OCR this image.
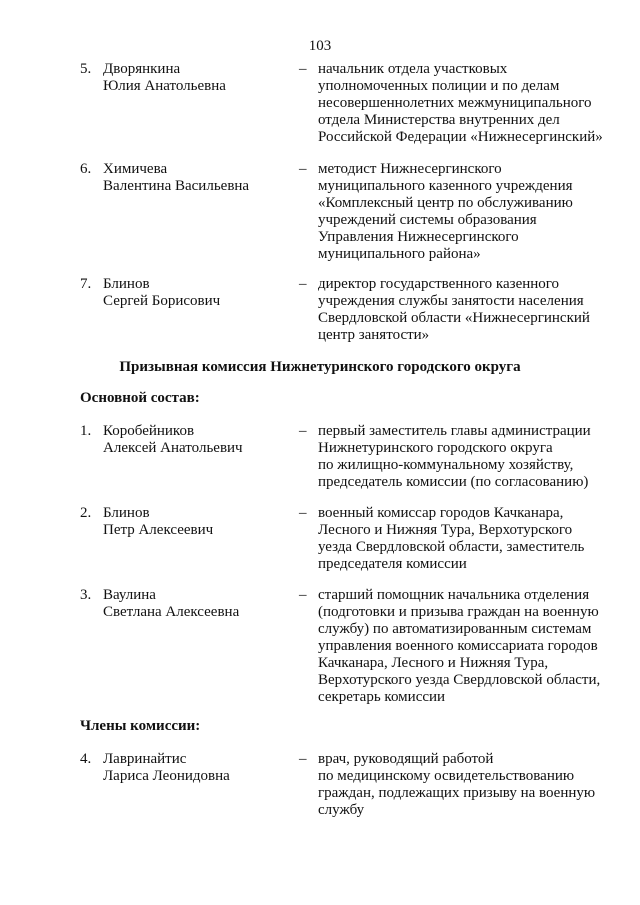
103
5. Дворянкина
Юлия Анатольевна
– начальник отдела участковых
уполномоченных полиции и по делам
несовершеннолетних межмуниципального
отдела Министерства внутренних дел
Российской Федерации «Нижнесергинский»
6. Химичева
Валентина Васильевна
– методист Нижнесергинского
муниципального казенного учреждения
«Комплексный центр по обслуживанию
учреждений системы образования
Управления Нижнесергинского
муниципального района»
7. Блинов
Сергей Борисович
– директор государственного казенного
учреждения службы занятости населения
Свердловской области «Нижнесергинский
центр занятости»
Призывная комиссия Нижнетуринского городского округа
Основной состав:
1. Коробейников
Алексей Анатольевич
– первый заместитель главы администрации
Нижнетуринского городского округа
по жилищно-коммунальному хозяйству,
председатель комиссии (по согласованию)
2. Блинов
Петр Алексеевич
– военный комиссар городов Качканара,
Лесного и Нижняя Тура, Верхотурского
уезда Свердловской области, заместитель
председателя комиссии
3. Ваулина
Светлана Алексеевна
– старший помощник начальника отделения
(подготовки и призыва граждан на военную
службу) по автоматизированным системам
управления военного комиссариата городов
Качканара, Лесного и Нижняя Тура,
Верхотурского уезда Свердловской области,
секретарь комиссии
Члены комиссии:
4. Лавринайтис
Лариса Леонидовна
– врач, руководящий работой
по медицинскому освидетельствованию
граждан, подлежащих призыву на военную
службу
